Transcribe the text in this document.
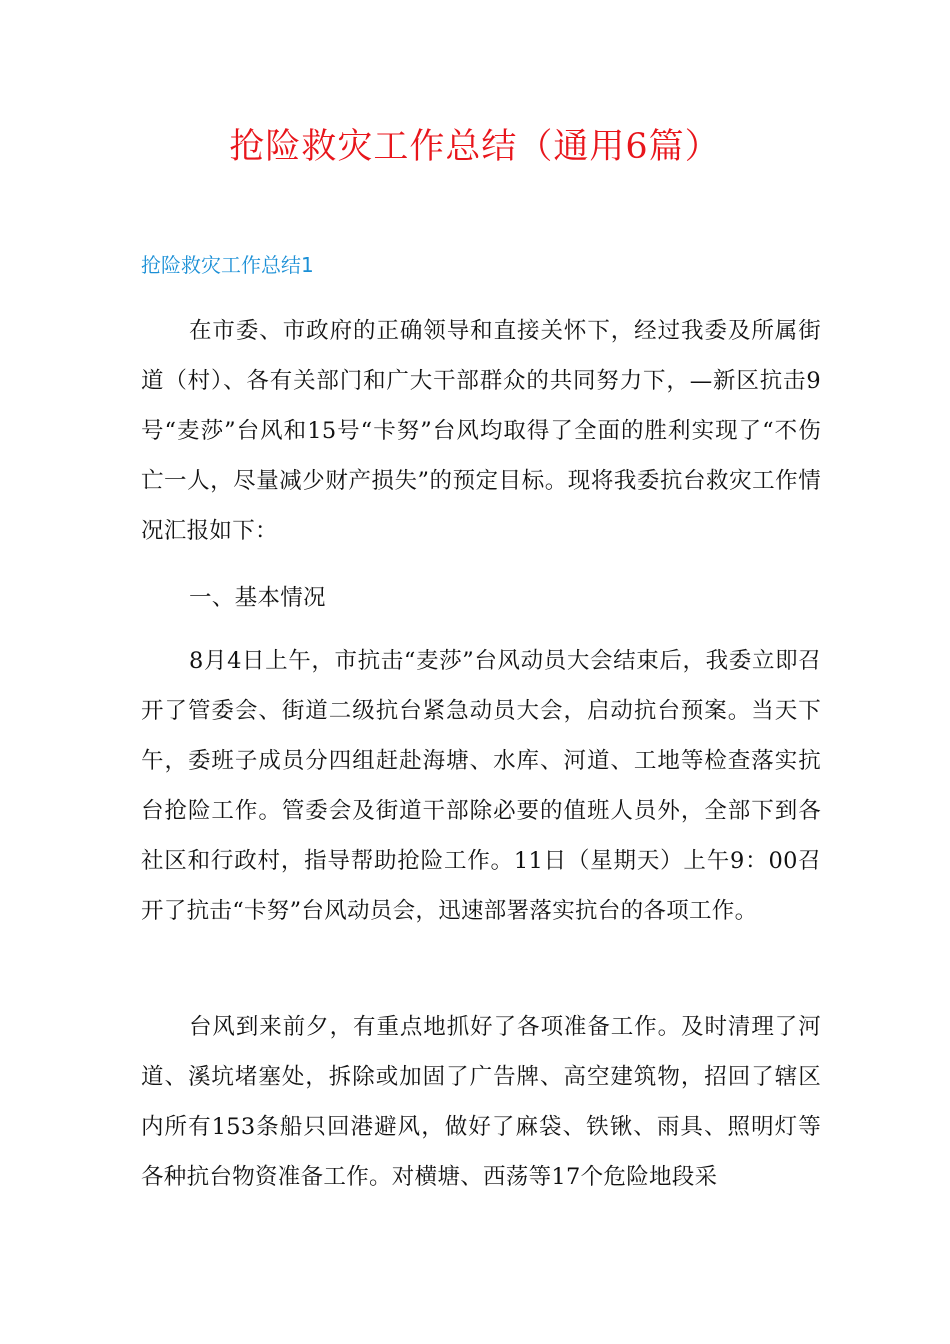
抢险救灾工作总结（通用6篇）
抢险救灾工作总结1

在市委、市政府的正确领导和直接关怀下，经过我委及所属街道（村）、各有关部门和广大干部群众的共同努力下，—新区抗击9号“麦莎”台风和15号“卡努”台风均取得了全面的胜利实现了“不伤亡一人，尽量减少财产损失”的预定目标。现将我委抗台救灾工作情况汇报如下：

一、基本情况

8月4日上午，市抗击“麦莎”台风动员大会结束后，我委立即召开了管委会、街道二级抗台紧急动员大会，启动抗台预案。当天下午，委班子成员分四组赶赴海塘、水库、河道、工地等检查落实抗台抢险工作。管委会及街道干部除必要的值班人员外，全部下到各社区和行政村，指导帮助抢险工作。11日（星期天）上午9：00召开了抗击“卡努”台风动员会，迅速部署落实抗台的各项工作。

台风到来前夕，有重点地抓好了各项准备工作。及时清理了河道、溪坑堵塞处，拆除或加固了广告牌、高空建筑物，招回了辖区内所有153条船只回港避风，做好了麻袋、铁锹、雨具、照明灯等各种抗台物资准备工作。对横塘、西荡等17个危险地段采
